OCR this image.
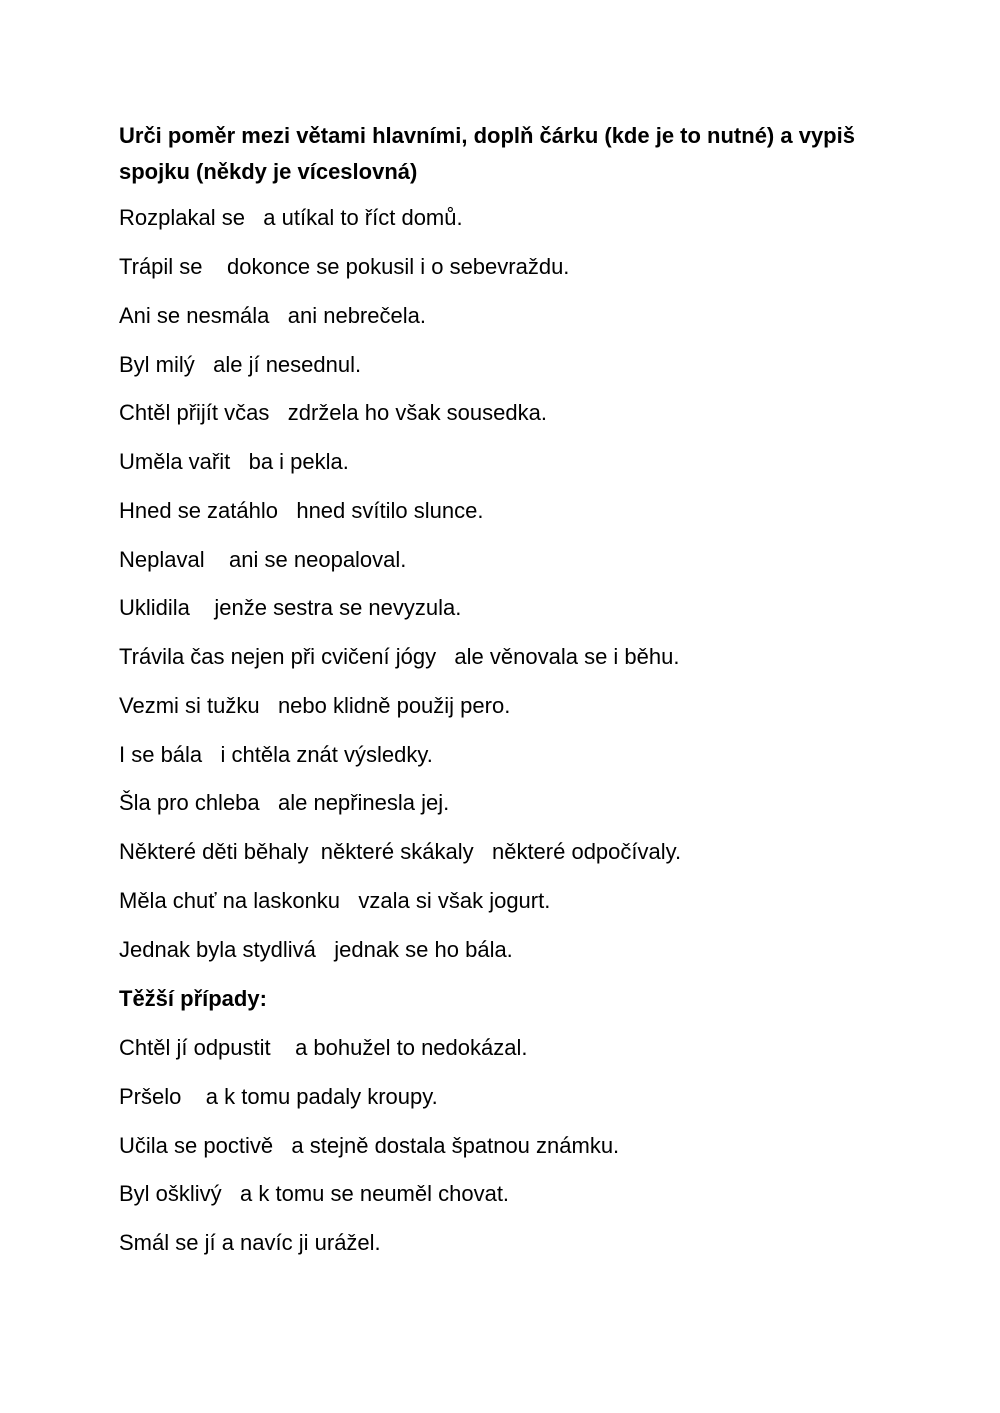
Urči poměr mezi větami hlavními, doplň čárku (kde je to nutné) a vypiš spojku (někdy je víceslovná)
Rozplakal se   a utíkal to říct domů.
Trápil se    dokonce se pokusil i o sebevraždu.
Ani se nesmála   ani nebrečela.
Byl milý   ale jí nesednul.
Chtěl přijít včas   zdržela ho však sousedka.
Uměla vařit   ba i pekla.
Hned se zatáhlo   hned svítilo slunce.
Neplaval    ani se neopaloval.
Uklidila    jenže sestra se nevyzula.
Trávila čas nejen při cvičení jógy   ale věnovala se i běhu.
Vezmi si tužku   nebo klidně použij pero.
I se bála   i chtěla znát výsledky.
Šla pro chleba   ale nepřinesla jej.
Některé děti běhaly  některé skákaly   některé odpočívaly.
Měla chuť na laskonku   vzala si však jogurt.
Jednak byla stydlivá   jednak se ho bála.
Těžší případy:
Chtěl jí odpustit    a bohužel to nedokázal.
Pršelo    a k tomu padaly kroupy.
Učila se poctivě   a stejně dostala špatnou známku.
Byl ošklivý   a k tomu se neuměl chovat.
Smál se jí a navíc ji urážel.
